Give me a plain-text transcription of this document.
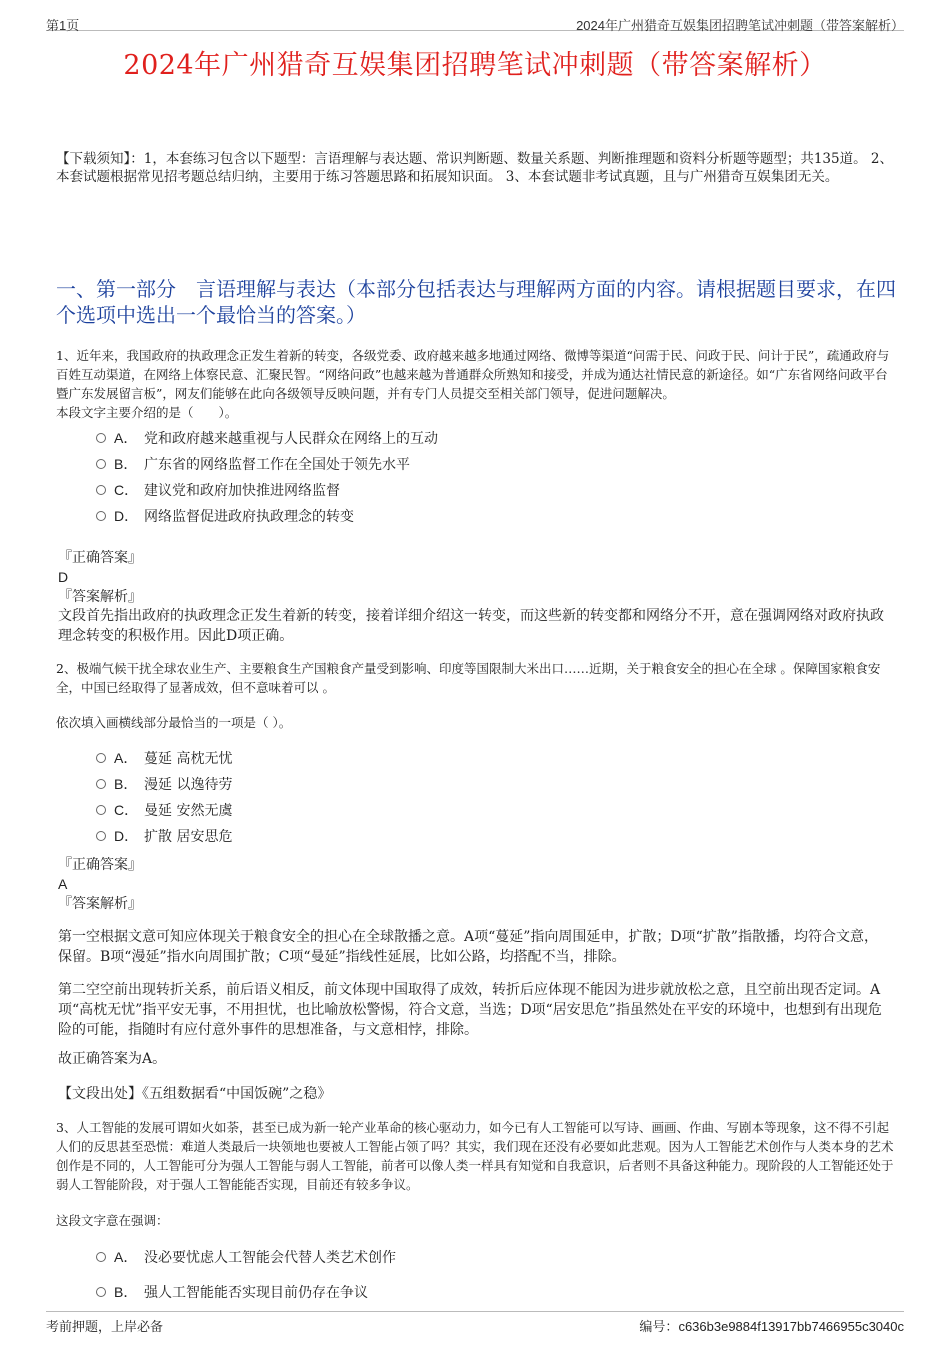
第1页	2024年广州猎奇互娱集团招聘笔试冲刺题（带答案解析）
2024年广州猎奇互娱集团招聘笔试冲刺题（带答案解析）
【下载须知】：1，本套练习包含以下题型：言语理解与表达题、常识判断题、数量关系题、判断推理题和资料分析题等题型；共135道。 2、本套试题根据常见招考题总结归纳，主要用于练习答题思路和拓展知识面。 3、本套试题非考试真题，且与广州猎奇互娱集团无关。
一、第一部分　言语理解与表达（本部分包括表达与理解两方面的内容。请根据题目要求，在四个选项中选出一个最恰当的答案。）
1、近年来，我国政府的执政理念正发生着新的转变，各级党委、政府越来越多地通过网络、微博等渠道“问需于民、问政于民、问计于民”，疏通政府与百姓互动渠道，在网络上体察民意、汇聚民智。“网络问政”也越来越为普通群众所熟知和接受，并成为通达社情民意的新途径。如“广东省网络问政平台暨广东发展留言板”，网友们能够在此向各级领导反映问题，并有专门人员提交至相关部门领导，促进问题解决。
本段文字主要介绍的是（　　）。
A． 党和政府越来越重视与人民群众在网络上的互动
B． 广东省的网络监督工作在全国处于领先水平
C． 建议党和政府加快推进网络监督
D． 网络监督促进政府执政理念的转变
『正确答案』
D
『答案解析』
文段首先指出政府的执政理念正发生着新的转变，接着详细介绍这一转变，而这些新的转变都和网络分不开，意在强调网络对政府执政理念转变的积极作用。因此D项正确。
2、极端气候干扰全球农业生产、主要粮食生产国粮食产量受到影响、印度等国限制大米出口……近期，关于粮食安全的担心在全球 。保障国家粮食安全，中国已经取得了显著成效，但不意味着可以 。
依次填入画横线部分最恰当的一项是（ ）。
A． 蔓延 高枕无忧
B． 漫延 以逸待劳
C． 曼延 安然无虞
D． 扩散 居安思危
『正确答案』
A
『答案解析』
第一空根据文意可知应体现关于粮食安全的担心在全球散播之意。A项“蔓延”指向周围延申，扩散；D项“扩散”指散播，均符合文意，保留。B项“漫延”指水向周围扩散；C项“曼延”指线性延展，比如公路，均搭配不当，排除。
第二空空前出现转折关系，前后语义相反，前文体现中国取得了成效，转折后应体现不能因为进步就放松之意，且空前出现否定词。A项“高枕无忧”指平安无事，不用担忧，也比喻放松警惕，符合文意，当选；D项“居安思危”指虽然处在平安的环境中，也想到有出现危险的可能，指随时有应付意外事件的思想准备，与文意相悖，排除。
故正确答案为A。
【文段出处】《五组数据看“中国饭碗”之稳》
3、人工智能的发展可谓如火如荼，甚至已成为新一轮产业革命的核心驱动力，如今已有人工智能可以写诗、画画、作曲、写剧本等现象，这不得不引起人们的反思甚至恐慌：难道人类最后一块领地也要被人工智能占领了吗？其实，我们现在还没有必要如此悲观。因为人工智能艺术创作与人类本身的艺术创作是不同的，人工智能可分为强人工智能与弱人工智能，前者可以像人类一样具有知觉和自我意识，后者则不具备这种能力。现阶段的人工智能还处于弱人工智能阶段，对于强人工智能能否实现，目前还有较多争议。
这段文字意在强调：
A． 没必要忧虑人工智能会代替人类艺术创作
B． 强人工智能能否实现目前仍存在争议
考前押题，上岸必备	编号：c636b3e9884f13917bb7466955c3040c
